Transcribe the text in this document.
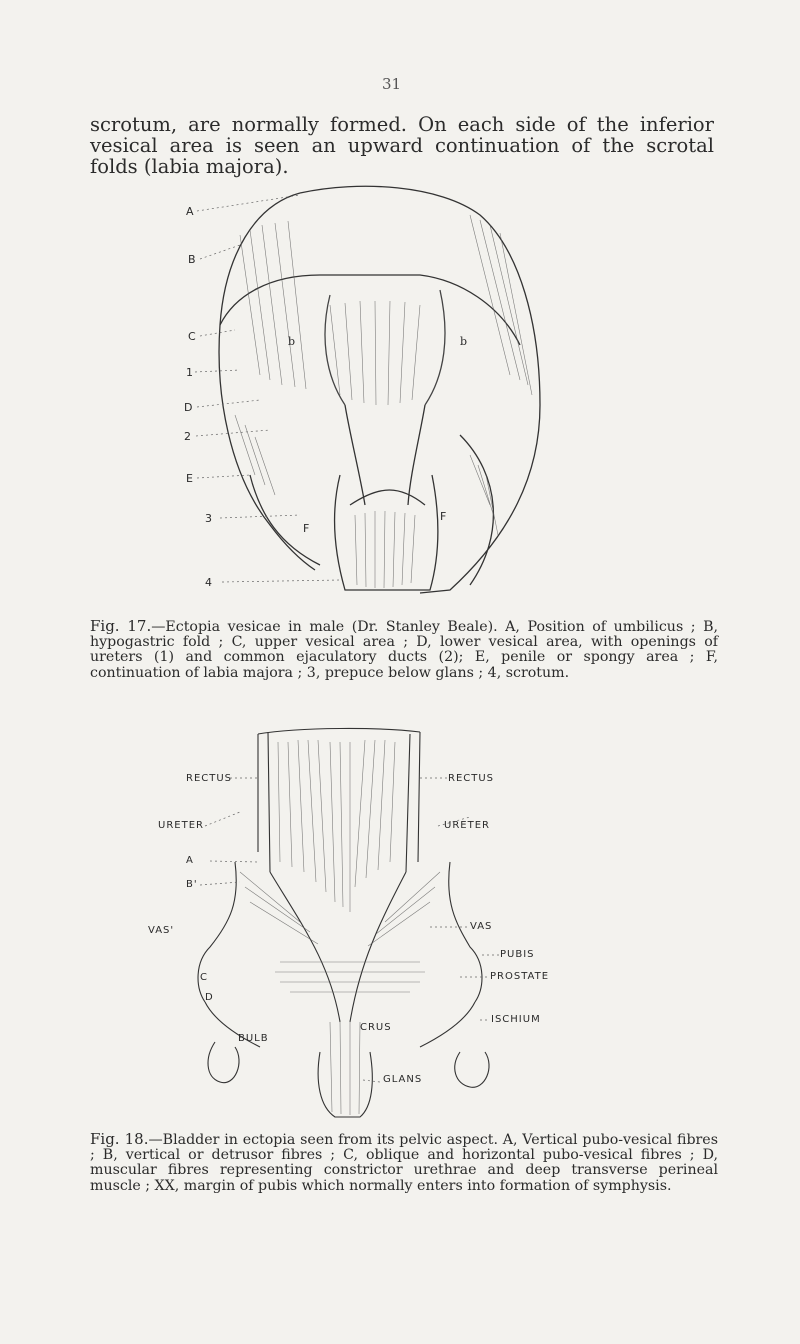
31

scrotum, are normally formed. On each side of the inferior vesical area is seen an upward continuation of the scrotal folds (labia majora).

A
B
C
1
D
2
E
3
4
b	b
F
F

Fig. 17.—Ectopia vesicae in male (Dr. Stanley Beale). A, Position of umbilicus ; B, hypogastric fold ; C, upper vesical area ; D, lower vesical area, with openings of ureters (1) and common ejaculatory ducts (2); E, penile or spongy area ; F, continuation of labia majora ; 3, prepuce below glans ; 4, scrotum.

RECTUS	RECTUS
URETER	URETER
A
B'
VAS'	VAS
PUBIS
PROSTATE
C
D
ISCHIUM
CRUS
BULB
GLANS

Fig. 18.—Bladder in ectopia seen from its pelvic aspect. A, Vertical pubo-vesical fibres ; B, vertical or detrusor fibres ; C, oblique and horizontal pubo-vesical fibres ; D, muscular fibres representing constrictor urethrae and deep transverse perineal muscle ; XX, margin of pubis which normally enters into formation of symphysis.
